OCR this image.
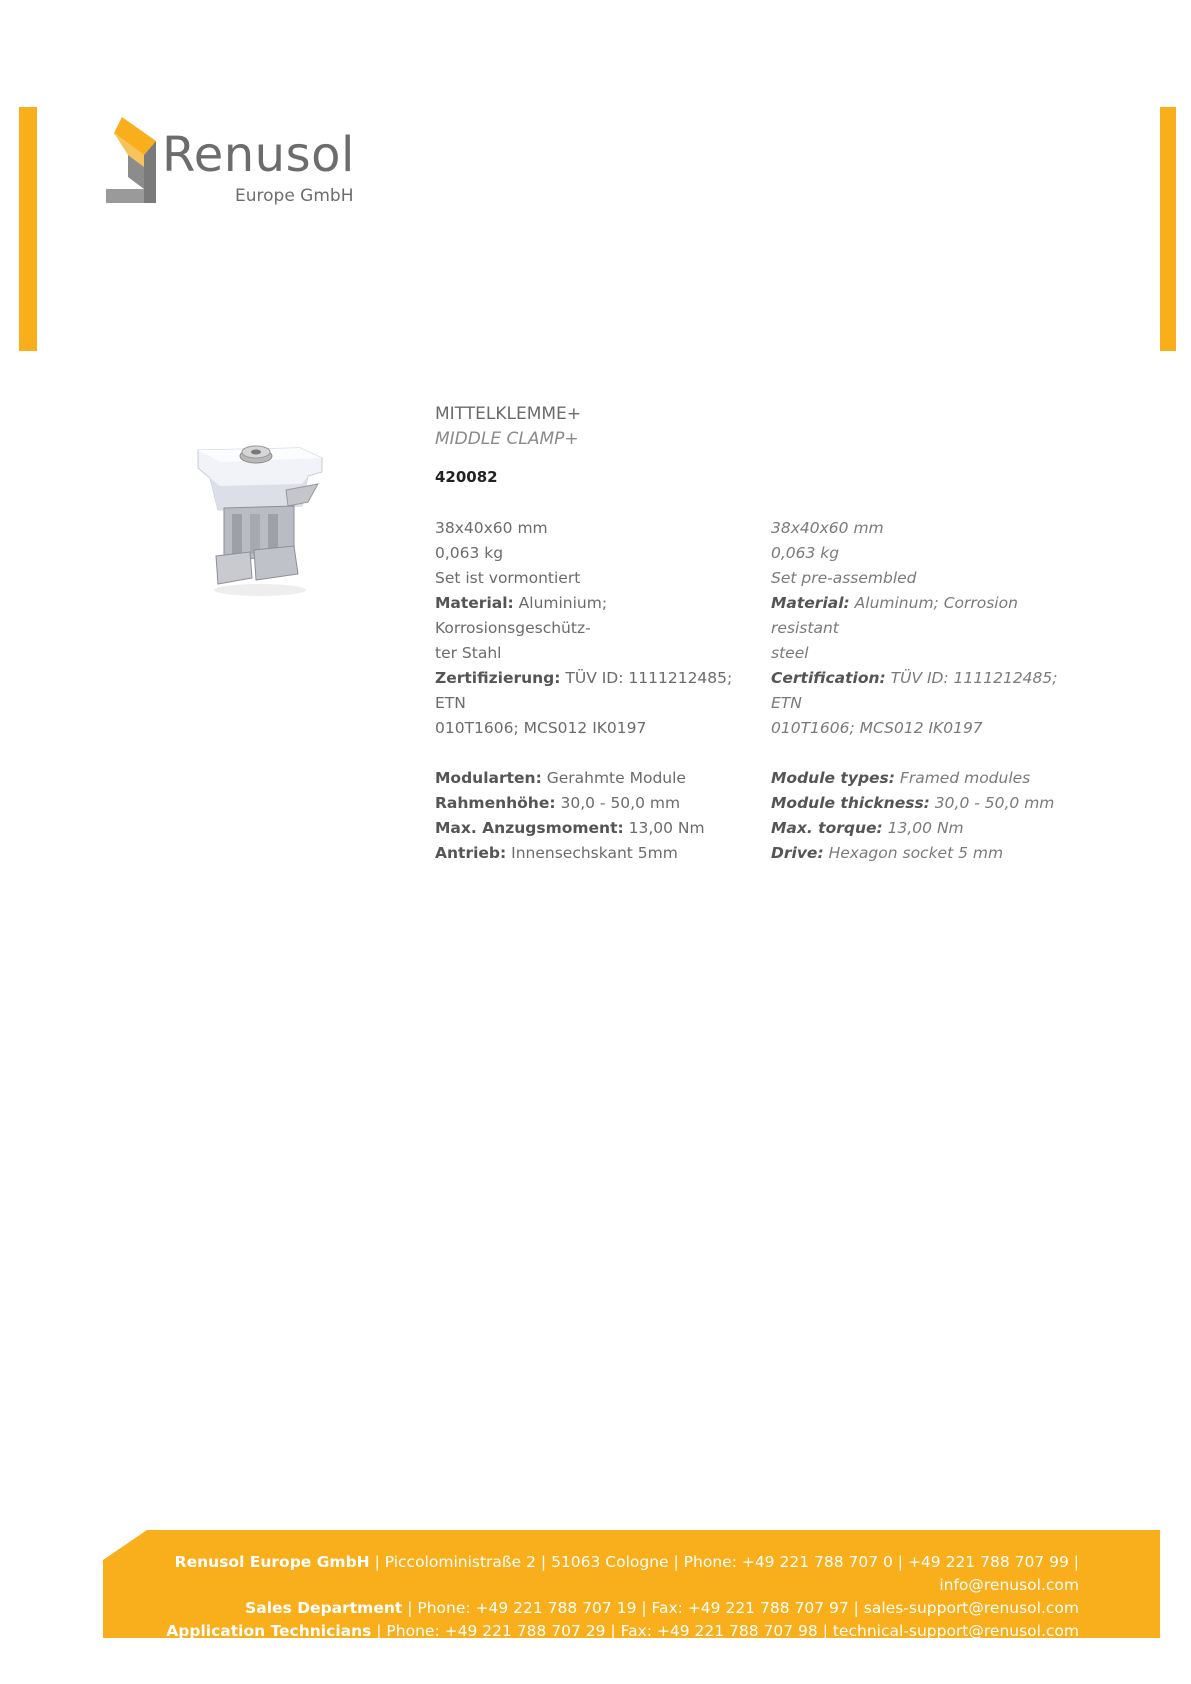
Renusol
Europe GmbH
MITTELKLEMME+
MIDDLE CLAMP+
420082

38x40x60 mm

0,063 kg

Set ist vormontiert

Material: Aluminium; Korrosionsgeschütz-

ter Stahl

Zertifizierung: TÜV ID: 1111212485; ETN

010T1606; MCS012 IK0197

Modularten: Gerahmte Module

Rahmenhöhe: 30,0 - 50,0 mm

Max. Anzugsmoment: 13,00 Nm

Antrieb: Innensechskant 5mm

38x40x60 mm

0,063 kg

Set pre-assembled

Material: Aluminum; Corrosion resistant

steel

Certification: TÜV ID: 1111212485; ETN

010T1606; MCS012 IK0197

Module types: Framed modules

Module thickness: 30,0 - 50,0 mm

Max. torque: 13,00 Nm

Drive: Hexagon socket 5 mm

Renusol Europe GmbH | Piccoloministraße 2 | 51063 Cologne | Phone: +49 221 788 707 0 | +49 221 788 707 99 | info@renusol.com
Sales Department | Phone: +49 221 788 707 19 | Fax: +49 221 788 707 97 | sales-support@renusol.com
Application Technicians | Phone: +49 221 788 707 29 | Fax: +49 221 788 707 98 | technical-support@renusol.com
